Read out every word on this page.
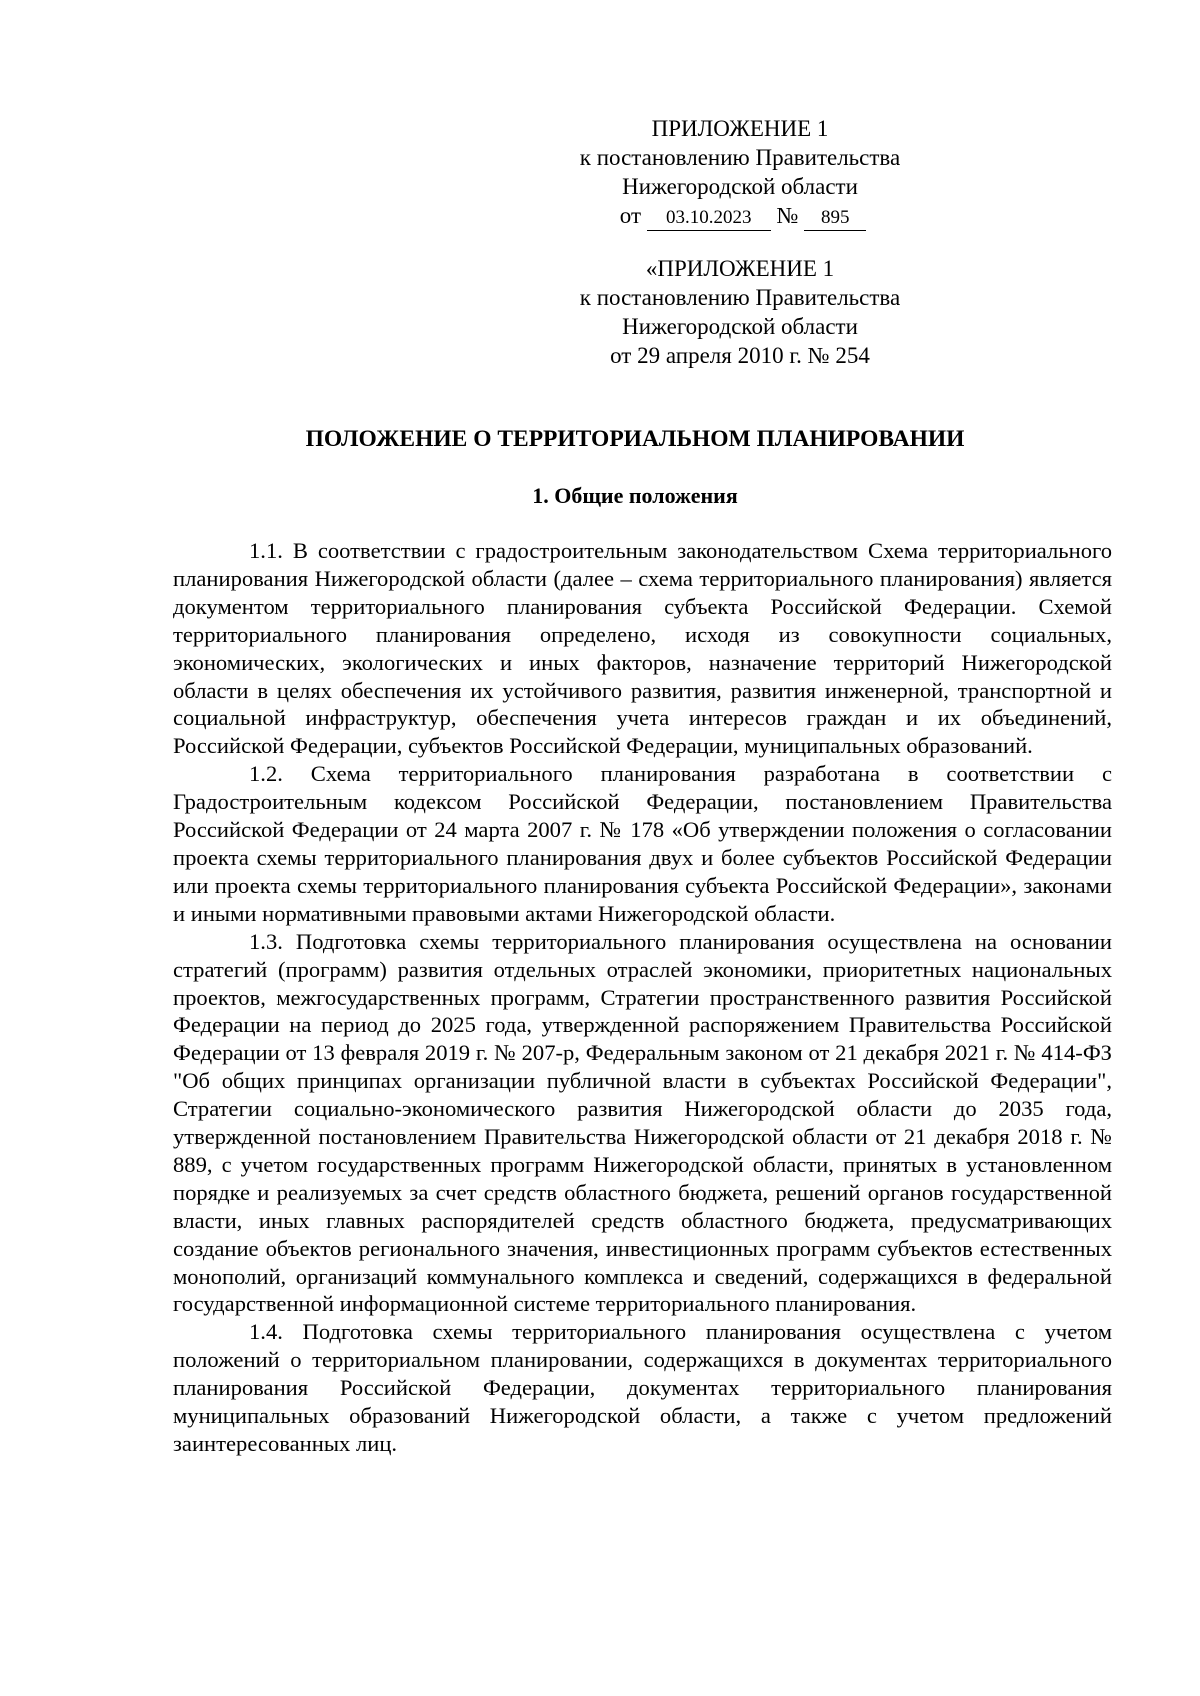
ПРИЛОЖЕНИЕ 1
к постановлению Правительства
Нижегородской области
от 03.10.2023 № 895
«ПРИЛОЖЕНИЕ 1
к постановлению Правительства
Нижегородской области
от 29 апреля 2010 г. № 254
ПОЛОЖЕНИЕ О ТЕРРИТОРИАЛЬНОМ ПЛАНИРОВАНИИ
1. Общие положения

1.1. В соответствии с градостроительным законодательством Схема территориального планирования Нижегородской области (далее – схема территориального планирования) является документом территориального планирования субъекта Российской Федерации. Схемой территориального планирования определено, исходя из совокупности социальных, экономических, экологических и иных факторов, назначение территорий Нижегородской области в целях обеспечения их устойчивого развития, развития инженерной, транспортной и социальной инфраструктур, обеспечения учета интересов граждан и их объединений, Российской Федерации, субъектов Российской Федерации, муниципальных образований.

1.2. Схема территориального планирования разработана в соответствии с Градостроительным кодексом Российской Федерации, постановлением Правительства Российской Федерации от 24 марта 2007 г. № 178 «Об утверждении положения о согласовании проекта схемы территориального планирования двух и более субъектов Российской Федерации или проекта схемы территориального планирования субъекта Российской Федерации», законами и иными нормативными правовыми актами Нижегородской области.

1.3. Подготовка схемы территориального планирования осуществлена на основании стратегий (программ) развития отдельных отраслей экономики, приоритетных национальных проектов, межгосударственных программ, Стратегии пространственного развития Российской Федерации на период до 2025 года, утвержденной распоряжением Правительства Российской Федерации от 13 февраля 2019 г. № 207-р, Федеральным законом от 21 декабря 2021 г. № 414-ФЗ "Об общих принципах организации публичной власти в субъектах Российской Федерации", Стратегии социально-экономического развития Нижегородской области до 2035 года, утвержденной постановлением Правительства Нижегородской области от 21 декабря 2018 г. № 889, с учетом государственных программ Нижегородской области, принятых в установленном порядке и реализуемых за счет средств областного бюджета, решений органов государственной власти, иных главных распорядителей средств областного бюджета, предусматривающих создание объектов регионального значения, инвестиционных программ субъектов естественных монополий, организаций коммунального комплекса и сведений, содержащихся в федеральной государственной информационной системе территориального планирования.

1.4. Подготовка схемы территориального планирования осуществлена с учетом положений о территориальном планировании, содержащихся в документах территориального планирования Российской Федерации, документах территориального планирования муниципальных образований Нижегородской области, а также с учетом предложений заинтересованных лиц.
